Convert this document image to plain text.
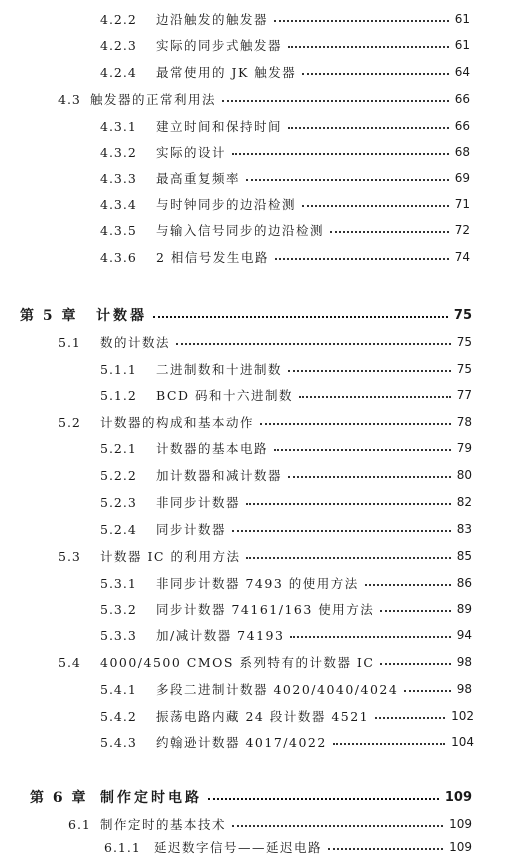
4.2.2	边沿触发的触发器	61
4.2.3	实际的同步式触发器	61
4.2.4	最常使用的 JK 触发器	64
4.3 触发器的正常利用法	66
4.3.1	建立时间和保持时间	66
4.3.2	实际的设计	68
4.3.3	最高重复频率	69
4.3.4	与时钟同步的边沿检测	71
4.3.5	与输入信号同步的边沿检测	72
4.3.6	2 相信号发生电路	74
第 5 章	计数器	75
5.1	数的计数法	75
5.1.1	二进制数和十进制数	75
5.1.2	BCD 码和十六进制数	77
5.2	计数器的构成和基本动作	78
5.2.1	计数器的基本电路	79
5.2.2	加计数器和减计数器	80
5.2.3	非同步计数器	82
5.2.4	同步计数器	83
5.3	计数器 IC 的利用方法	85
5.3.1	非同步计数器 7493 的使用方法	86
5.3.2	同步计数器 74161/163 使用方法	89
5.3.3	加/减计数器 74193	94
5.4	4000/4500 CMOS 系列特有的计数器 IC	98
5.4.1	多段二进制计数器 4020/4040/4024	98
5.4.2	振荡电路内藏 24 段计数器 4521	102
5.4.3	约翰逊计数器 4017/4022	104
第 6 章 制作定时电路	109
6.1 制作定时的基本技术	109
6.1.1	延迟数字信号——延迟电路	109
